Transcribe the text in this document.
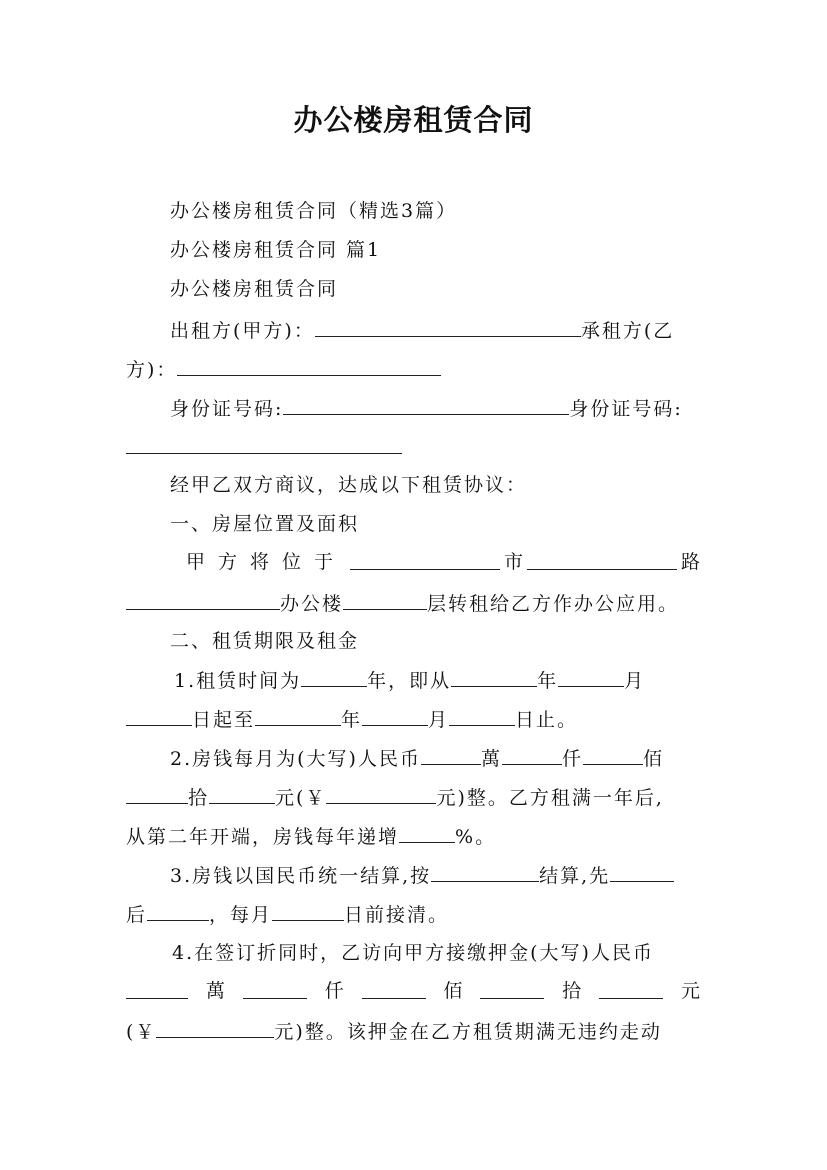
办公楼房租赁合同
办公楼房租赁合同（精选3篇）
办公楼房租赁合同 篇1
办公楼房租赁合同
出租方(甲方)：	承租方(乙
方)：
身份证号码:	身份证号码:
经甲乙双方商议，达成以下租赁协议：
一、房屋位置及面积
甲方将位于	市	路
办公楼	层转租给乙方作办公应用。
二、租赁期限及租金
1.租赁时间为	年，即从	年	月
日起至	年	月	日止。
2.房钱每月为(大写)人民币	萬	仟	佰
拾	元(￥	元)整。乙方租满一年后,
从第二年开端，房钱每年递增	%。
3.房钱以国民币统一结算,按	结算,先
后	，每月	日前接清。
4.在签订折同时，乙访向甲方接缴押金(大写)人民币
萬	仟	佰	拾	元
(￥	元)整。该押金在乙方租赁期满无违约走动
